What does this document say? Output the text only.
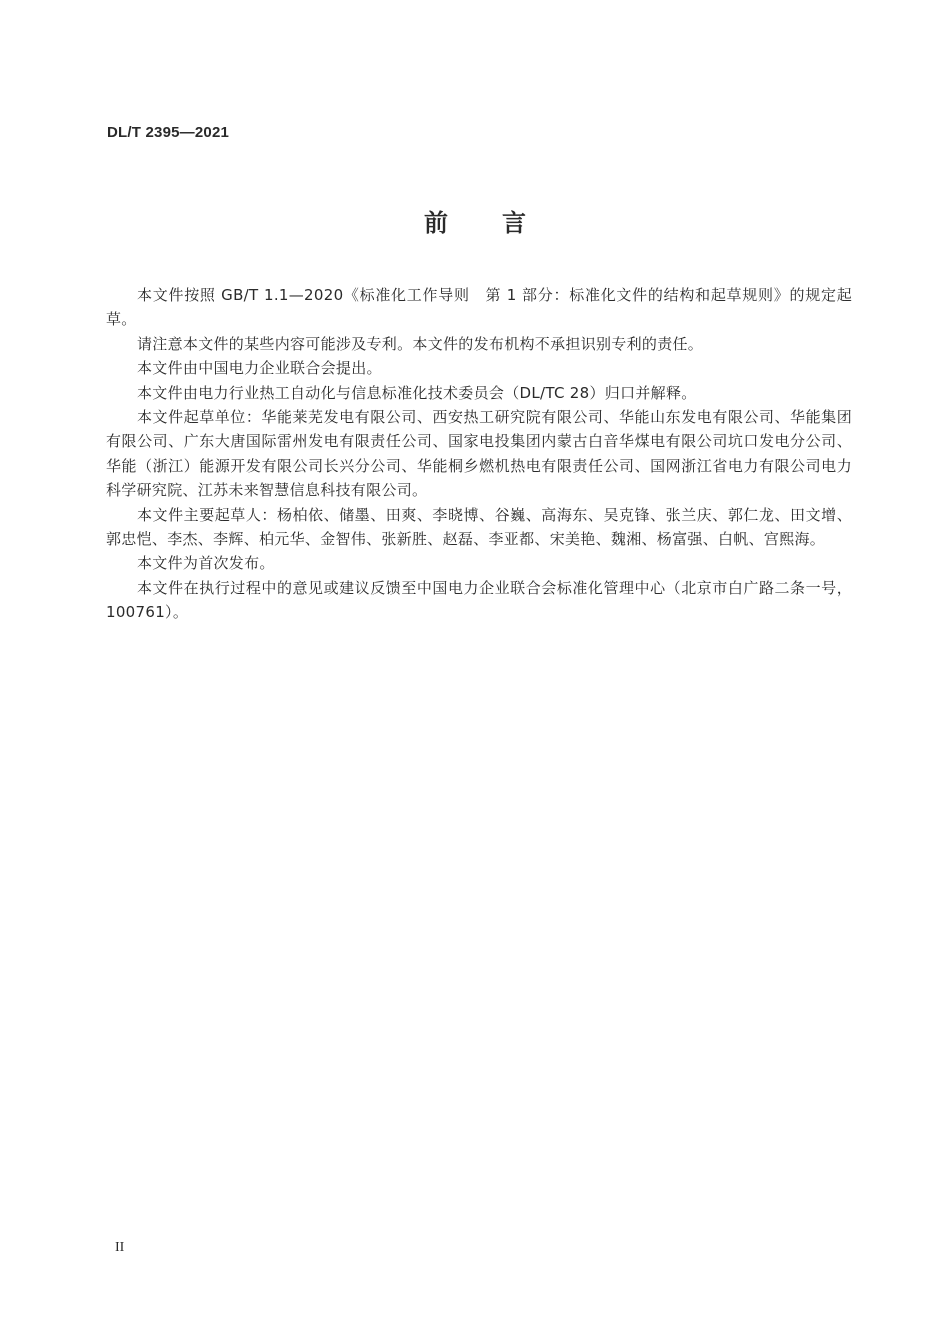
DL/T 2395—2021
前言

本文件按照 GB/T 1.1—2020《标准化工作导则　第 1 部分：标准化文件的结构和起草规则》的规定起草。

请注意本文件的某些内容可能涉及专利。本文件的发布机构不承担识别专利的责任。

本文件由中国电力企业联合会提出。

本文件由电力行业热工自动化与信息标准化技术委员会（DL/TC 28）归口并解释。

本文件起草单位：华能莱芜发电有限公司、西安热工研究院有限公司、华能山东发电有限公司、华能集团有限公司、广东大唐国际雷州发电有限责任公司、国家电投集团内蒙古白音华煤电有限公司坑口发电分公司、华能（浙江）能源开发有限公司长兴分公司、华能桐乡燃机热电有限责任公司、国网浙江省电力有限公司电力科学研究院、江苏未来智慧信息科技有限公司。

本文件主要起草人：杨柏依、储墨、田爽、李晓博、谷巍、高海东、吴克锋、张兰庆、郭仁龙、田文增、郭忠恺、李杰、李辉、柏元华、金智伟、张新胜、赵磊、李亚都、宋美艳、魏湘、杨富强、白帆、宫熙海。

本文件为首次发布。

本文件在执行过程中的意见或建议反馈至中国电力企业联合会标准化管理中心（北京市白广路二条一号，100761）。

II
